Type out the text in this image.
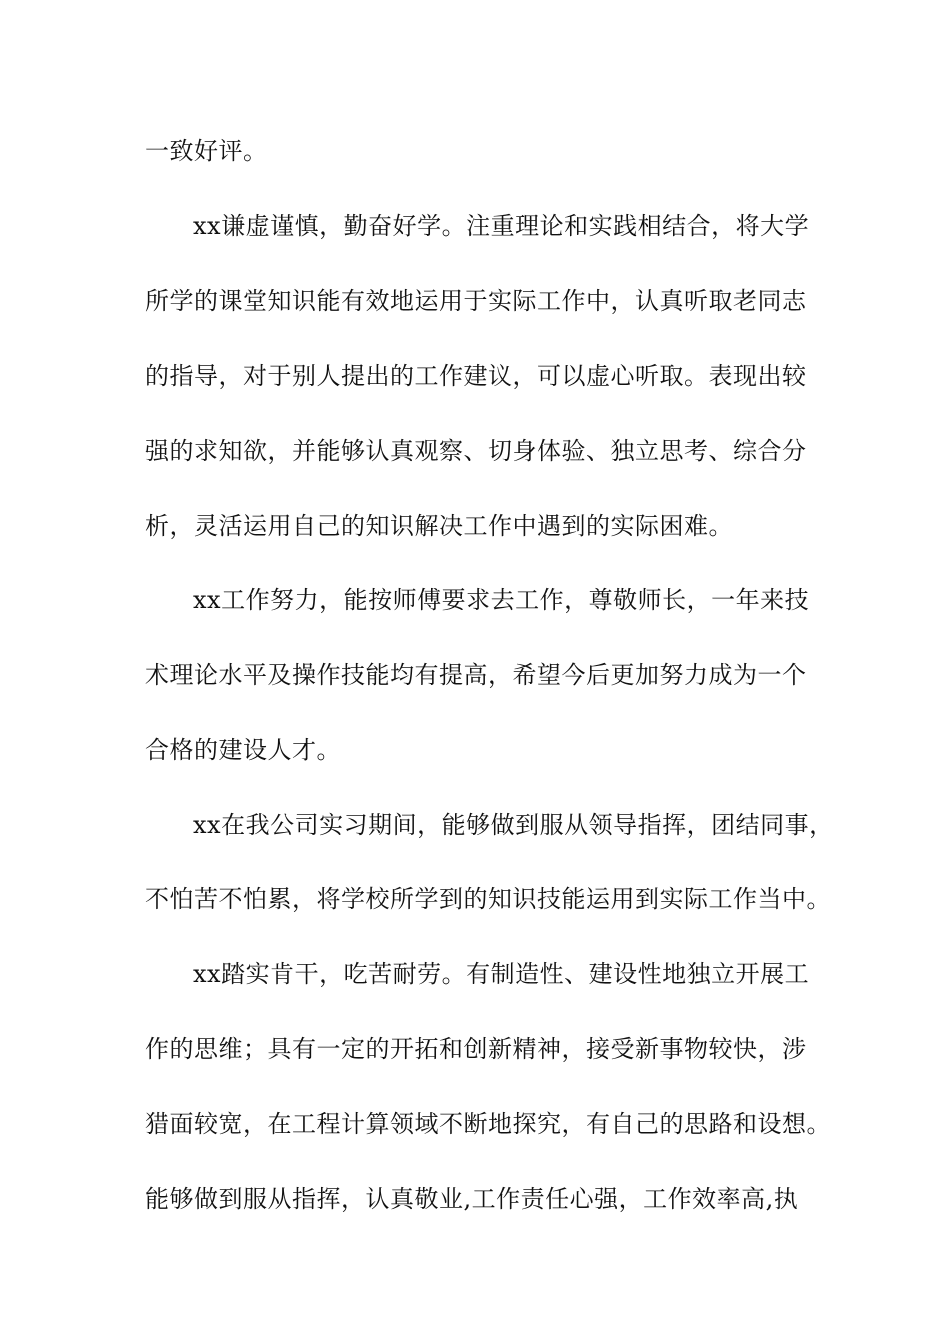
一致好评。
xx谦虚谨慎，勤奋好学。注重理论和实践相结合，将大学
所学的课堂知识能有效地运用于实际工作中，认真听取老同志
的指导，对于别人提出的工作建议，可以虚心听取。表现出较
强的求知欲，并能够认真观察、切身体验、独立思考、综合分
析，灵活运用自己的知识解决工作中遇到的实际困难。
xx工作努力，能按师傅要求去工作，尊敬师长，一年来技
术理论水平及操作技能均有提高，希望今后更加努力成为一个
合格的建设人才。
xx在我公司实习期间，能够做到服从领导指挥，团结同事，
不怕苦不怕累，将学校所学到的知识技能运用到实际工作当中。
xx踏实肯干，吃苦耐劳。有制造性、建设性地独立开展工
作的思维；具有一定的开拓和创新精神，接受新事物较快，涉
猎面较宽，在工程计算领域不断地探究，有自己的思路和设想。
能够做到服从指挥，认真敬业,工作责任心强，工作效率高,执
